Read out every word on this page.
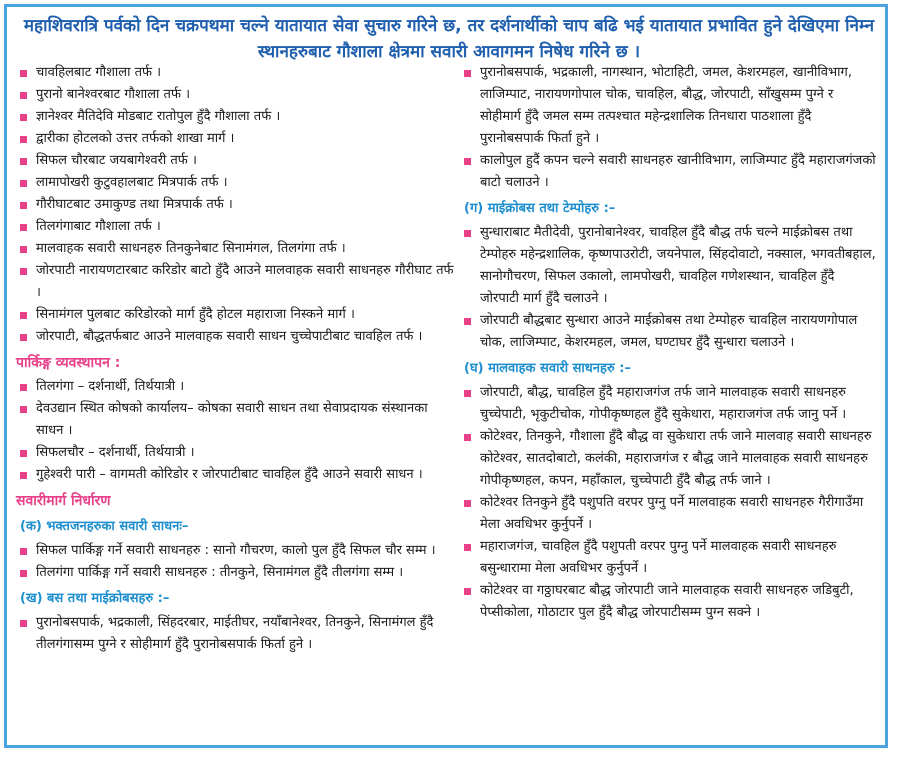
महाशिवरात्रि पर्वको दिन चक्रपथमा चल्ने यातायात सेवा सुचारु गरिने छ, तर दर्शनार्थीको चाप बढि भई यातायात प्रभावित हुने देखिएमा निम्न स्थानहरुबाट गौशाला क्षेत्रमा सवारी आवागमन निषेध गरिने छ ।
चावहिलबाट गौशाला तर्फ ।
पुरानो बानेश्वरबाट गौशाला तर्फ ।
ज्ञानेश्वर मैतिदेवि मोडबाट रातोपुल हुँदै गौशाला तर्फ ।
द्वारीका होटलको उत्तर तर्फको शाखा मार्ग ।
सिफल चौरबाट जयबागेश्वरी तर्फ ।
लामापोखरी कुटुवहालबाट मित्रपार्क तर्फ ।
गौरीघाटबाट उमाकुण्ड तथा मित्रपार्क तर्फ ।
तिलगंगाबाट गौशाला तर्फ ।
मालवाहक सवारी साधनहरु तिनकुनेबाट सिनामंगल, तिलगंगा तर्फ ।
जोरपाटी नारायणटारबाट करिडोर बाटो हुँदै आउने मालवाहक सवारी साधनहरु गौरीघाट तर्फ ।
सिनामंगल पुलबाट करिडोरको मार्ग हुँदै होटल महाराजा निस्कने मार्ग ।
जोरपाटी, बौद्धतर्फबाट आउने मालवाहक सवारी साधन चुच्चेपाटीबाट चावहिल तर्फ ।
पार्किङ्ग व्यवस्थापन :
तिलगंगा – दर्शनार्थी, तिर्थयात्री ।
देवउद्यान स्थित कोषको कार्यालय– कोषका सवारी साधन तथा सेवाप्रदायक संस्थानका साधन ।
सिफलचौर – दर्शनार्थी, तिर्थयात्री ।
गुहेश्वरी पारी – वागमती कोरिडोर र जोरपाटीबाट चावहिल हुँदै आउने सवारी साधन ।
सवारीमार्ग निर्धारण
(क) भक्तजनहरुका सवारी साधनः–
सिफल पार्किङ्ग गर्ने सवारी साधनहरु : सानो गौचरण, कालो पुल हुँदै सिफल चौर सम्म ।
तिलगंगा पार्किङ्ग गर्ने सवारी साधनहरु : तीनकुने, सिनामंगल हुँदै तीलगंगा सम्म ।
(ख) बस तथा माईक्रोबसहरु :–
पुरानोबसपार्क, भद्रकाली, सिंहदरबार, माईतीघर, नयाँबानेश्वर, तिनकुने, सिनामंगल हुँदै तीलगंगासम्म पुग्ने र सोहीमार्ग हुँदै पुरानोबसपार्क फिर्ता हुने ।
पुरानोबसपार्क, भद्रकाली, नागस्थान, भोटाहिटी, जमल, केशरमहल, खानीविभाग, लाजिम्पाट, नारायणगोपाल चोक, चावहिल, बौद्ध, जोरपाटी, साँखुसम्म पुग्ने र सोहीमार्ग हुँदै जमल सम्म तत्पश्चात महेन्द्रशालिक तिनधारा पाठशाला हुँदै पुरानोबसपार्क फिर्ता हुने ।
कालोपुल हुदैं कपन चल्ने सवारी साधनहरु खानीविभाग, लाजिम्पाट हुँदै महाराजगंजको बाटो चलाउने ।
(ग) माईक्रोबस तथा टेम्पोहरु :–
सुन्धाराबाट मैतीदेवी, पुरानोबानेश्वर, चावहिल हुँदै बौद्ध तर्फ चल्ने माईक्रोबस तथा टेम्पोहरु महेन्द्रशालिक, कृष्णपाउरोटी, जयनेपाल, सिंहदोवाटो, नक्साल, भगवतीबहाल, सानोगौचरण, सिफल उकालो, लामपोखरी, चावहिल गणेशस्थान, चावहिल हुँदै जोरपाटी मार्ग हुँदै चलाउने ।
जोरपाटी बौद्धबाट सुन्धारा आउने माईक्रोबस तथा टेम्पोहरु चावहिल नारायणगोपाल चोक, लाजिम्पाट, केशरमहल, जमल, घण्टाघर हुँदै सुन्धारा चलाउने ।
(घ) मालवाहक सवारी साधनहरु :–
जोरपाटी, बौद्ध, चावहिल हुँदै महाराजगंज तर्फ जाने मालवाहक सवारी साधनहरु चुच्चेपाटी, भृकुटीचोक, गोपीकृष्णहल हुँदै सुकेधारा, महाराजगंज तर्फ जानु पर्ने ।
कोटेश्वर, तिनकुने, गौशाला हुँदै बौद्ध वा सुकेधारा तर्फ जाने मालवाह सवारी साधनहरु कोटेश्वर, सातदोबाटो, कलंकी, महाराजगंज र बौद्ध जाने मालवाहक सवारी साधनहरु गोपीकृष्णहल, कपन, महाँकाल, चुच्चेपाटी हुँदै बौद्ध तर्फ जाने ।
कोटेश्वर तिनकुने हुँदै पशुपति वरपर पुग्नु पर्ने मालवाहक सवारी साधनहरु गैरीगाउँमा मेला अवधिभर कुर्नुपर्ने ।
महाराजगंज, चावहिल हुँदै पशुपती वरपर पुग्नु पर्ने मालवाहक सवारी साधनहरु बसुन्धारामा मेला अवधिभर कुर्नुपर्ने ।
कोटेश्वर वा गठ्ठाघरबाट बौद्ध जोरपाटी जाने मालवाहक सवारी साधनहरु जडिबुटी, पेप्सीकोला, गोठाटार पुल हुँदै बौद्ध जोरपाटीसम्म पुग्न सक्ने ।
